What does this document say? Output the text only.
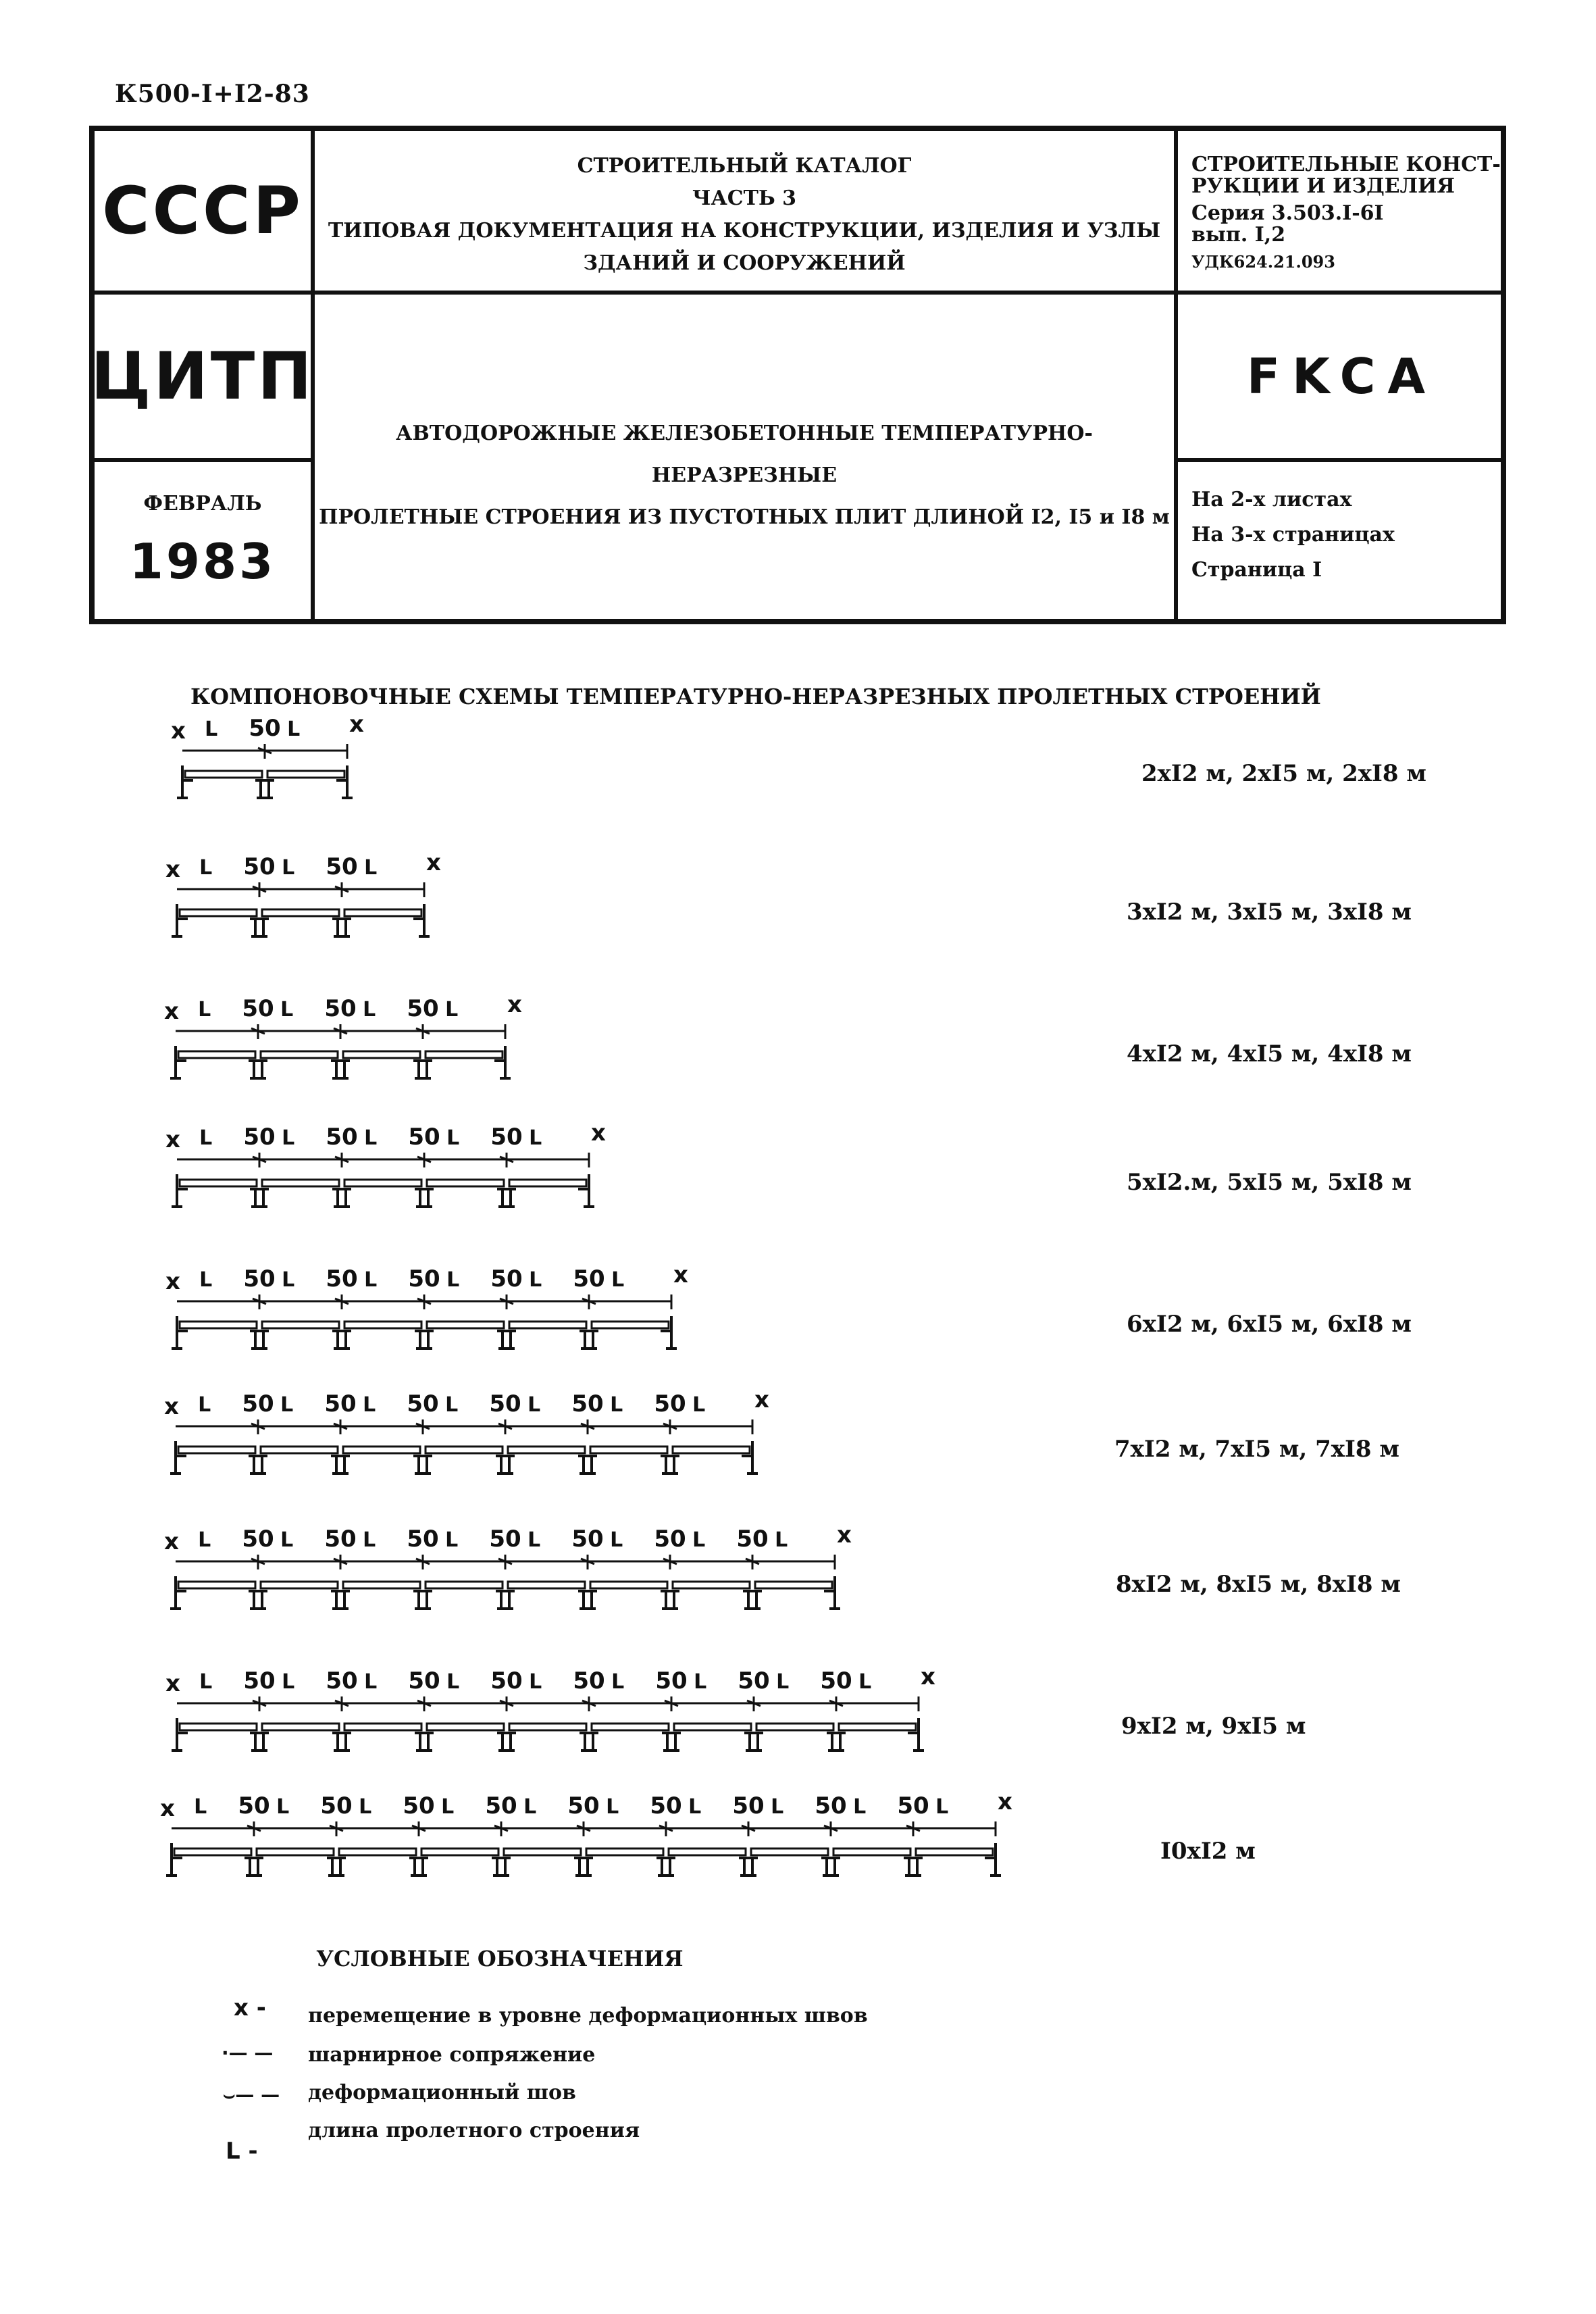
К500-I+I2-83
СССР
ЦИТП
ФЕВРАЛЬ
1983
СТРОИТЕЛЬНЫЙ КАТАЛОГ
ЧАСТЬ 3
ТИПОВАЯ ДОКУМЕНТАЦИЯ НА КОНСТРУКЦИИ, ИЗДЕЛИЯ И УЗЛЫ
ЗДАНИЙ И СООРУЖЕНИЙ
АВТОДОРОЖНЫЕ ЖЕЛЕЗОБЕТОННЫЕ ТЕМПЕРАТУРНО-НЕРАЗРЕЗНЫЕ
ПРОЛЕТНЫЕ СТРОЕНИЯ ИЗ ПУСТОТНЫХ ПЛИТ ДЛИНОЙ I2, I5 и I8 м
СТРОИТЕЛЬНЫЕ КОНСТ-
РУКЦИИ И ИЗДЕЛИЯ
Серия 3.503.I-6I
вып. I,2
УДК624.21.093
FKCA
На 2-х листах
На 3-х страницах
Страница I
КОМПОНОВОЧНЫЕ СХЕМЫ ТЕМПЕРАТУРНО-НЕРАЗРЕЗНЫХ ПРОЛЕТНЫХ СТРОЕНИЙ
x	x
L 50 L
x	x
L 50 L 50 L
x	x
L 50 L 50 L 50 L
x	x
L 50 L 50 L 50 L 50 L
x	x
L 50 L 50 L 50 L 50 L 50 L
x	x
L 50 L 50 L 50 L 50 L 50 L 50 L
x	x
L 50 L 50 L 50 L 50 L 50 L 50 L 50 L
x	x
L 50 L 50 L 50 L 50 L 50 L 50 L 50 L 50 L
x	x
L 50 L 50 L 50 L 50 L 50 L 50 L 50 L 50 L 50 L
УСЛОВНЫЕ ОБОЗНАЧЕНИЯ
x - перемещение в уровне деформационных швов
·— — шарнирное сопряжение
⌣— — деформационный шов
L -
длина пролетного строения
2xI2 м, 2xI5 м, 2xI8 м
3xI2 м, 3xI5 м, 3xI8 м
4xI2 м, 4xI5 м, 4xI8 м
5xI2.м, 5xI5 м, 5xI8 м
6xI2 м, 6xI5 м, 6xI8 м
7xI2 м, 7xI5 м, 7xI8 м
8xI2 м, 8xI5 м, 8xI8 м
9xI2 м, 9xI5 м
I0xI2 м
